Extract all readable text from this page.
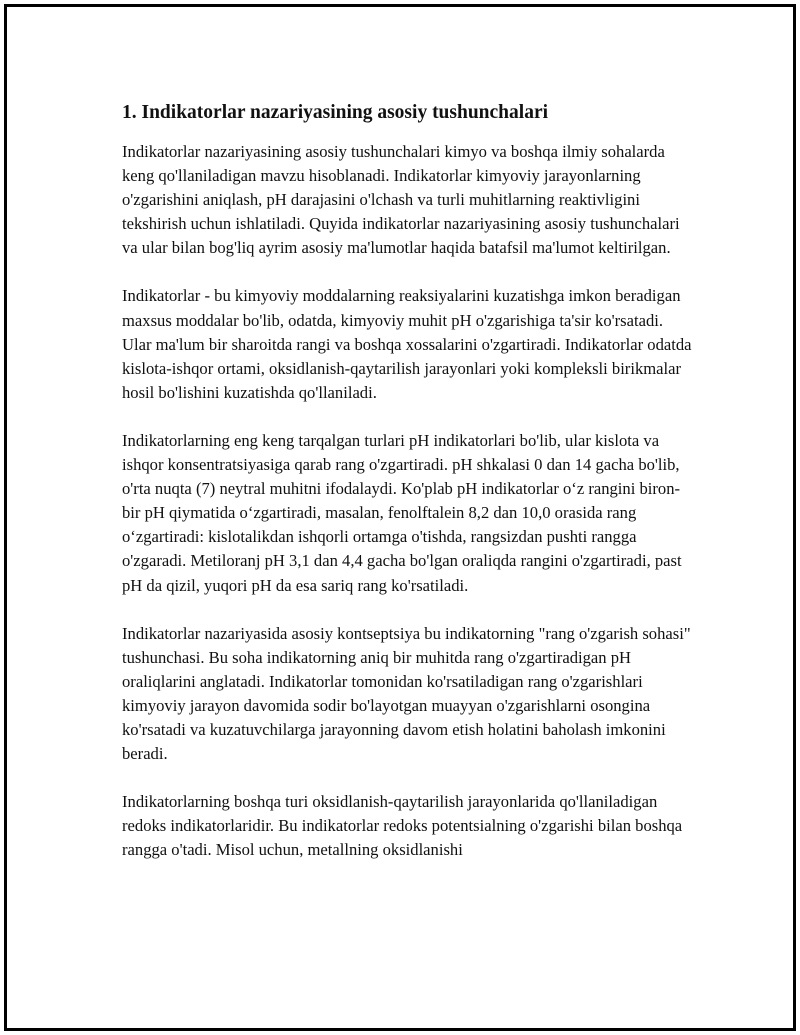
1. Indikatorlar nazariyasining asosiy tushunchalari

Indikatorlar nazariyasining asosiy tushunchalari kimyo va boshqa ilmiy sohalarda keng qo'llaniladigan mavzu hisoblanadi. Indikatorlar kimyoviy jarayonlarning o'zgarishini aniqlash, pH darajasini o'lchash va turli muhitlarning reaktivligini tekshirish uchun ishlatiladi. Quyida indikatorlar nazariyasining asosiy tushunchalari va ular bilan bog'liq ayrim asosiy ma'lumotlar haqida batafsil ma'lumot keltirilgan.

Indikatorlar - bu kimyoviy moddalarning reaksiyalarini kuzatishga imkon beradigan maxsus moddalar bo'lib, odatda, kimyoviy muhit pH o'zgarishiga ta'sir ko'rsatadi. Ular ma'lum bir sharoitda rangi va boshqa xossalarini o'zgartiradi. Indikatorlar odatda kislota-ishqor ortami, oksidlanish-qaytarilish jarayonlari yoki kompleksli birikmalar hosil bo'lishini kuzatishda qo'llaniladi.

Indikatorlarning eng keng tarqalgan turlari pH indikatorlari bo'lib, ular kislota va ishqor konsentratsiyasiga qarab rang o'zgartiradi. pH shkalasi 0 dan 14 gacha bo'lib, o'rta nuqta (7) neytral muhitni ifodalaydi. Ko'plab pH indikatorlar o‘z rangini biron-bir pH qiymatida o‘zgartiradi, masalan, fenolftalein 8,2 dan 10,0 orasida rang o‘zgartiradi: kislotalikdan ishqorli ortamga o'tishda, rangsizdan pushti rangga o'zgaradi. Metiloranj pH 3,1 dan 4,4 gacha bo'lgan oraliqda rangini o'zgartiradi, past pH da qizil, yuqori pH da esa sariq rang ko'rsatiladi.

Indikatorlar nazariyasida asosiy kontseptsiya bu indikatorning "rang o'zgarish sohasi" tushunchasi. Bu soha indikatorning aniq bir muhitda rang o'zgartiradigan pH oraliqlarini anglatadi. Indikatorlar tomonidan ko'rsatiladigan rang o'zgarishlari kimyoviy jarayon davomida sodir bo'layotgan muayyan o'zgarishlarni osongina ko'rsatadi va kuzatuvchilarga jarayonning davom etish holatini baholash imkonini beradi.

Indikatorlarning boshqa turi oksidlanish-qaytarilish jarayonlarida qo'llaniladigan redoks indikatorlaridir. Bu indikatorlar redoks potentsialning o'zgarishi bilan boshqa rangga o'tadi. Misol uchun, metallning oksidlanishi
